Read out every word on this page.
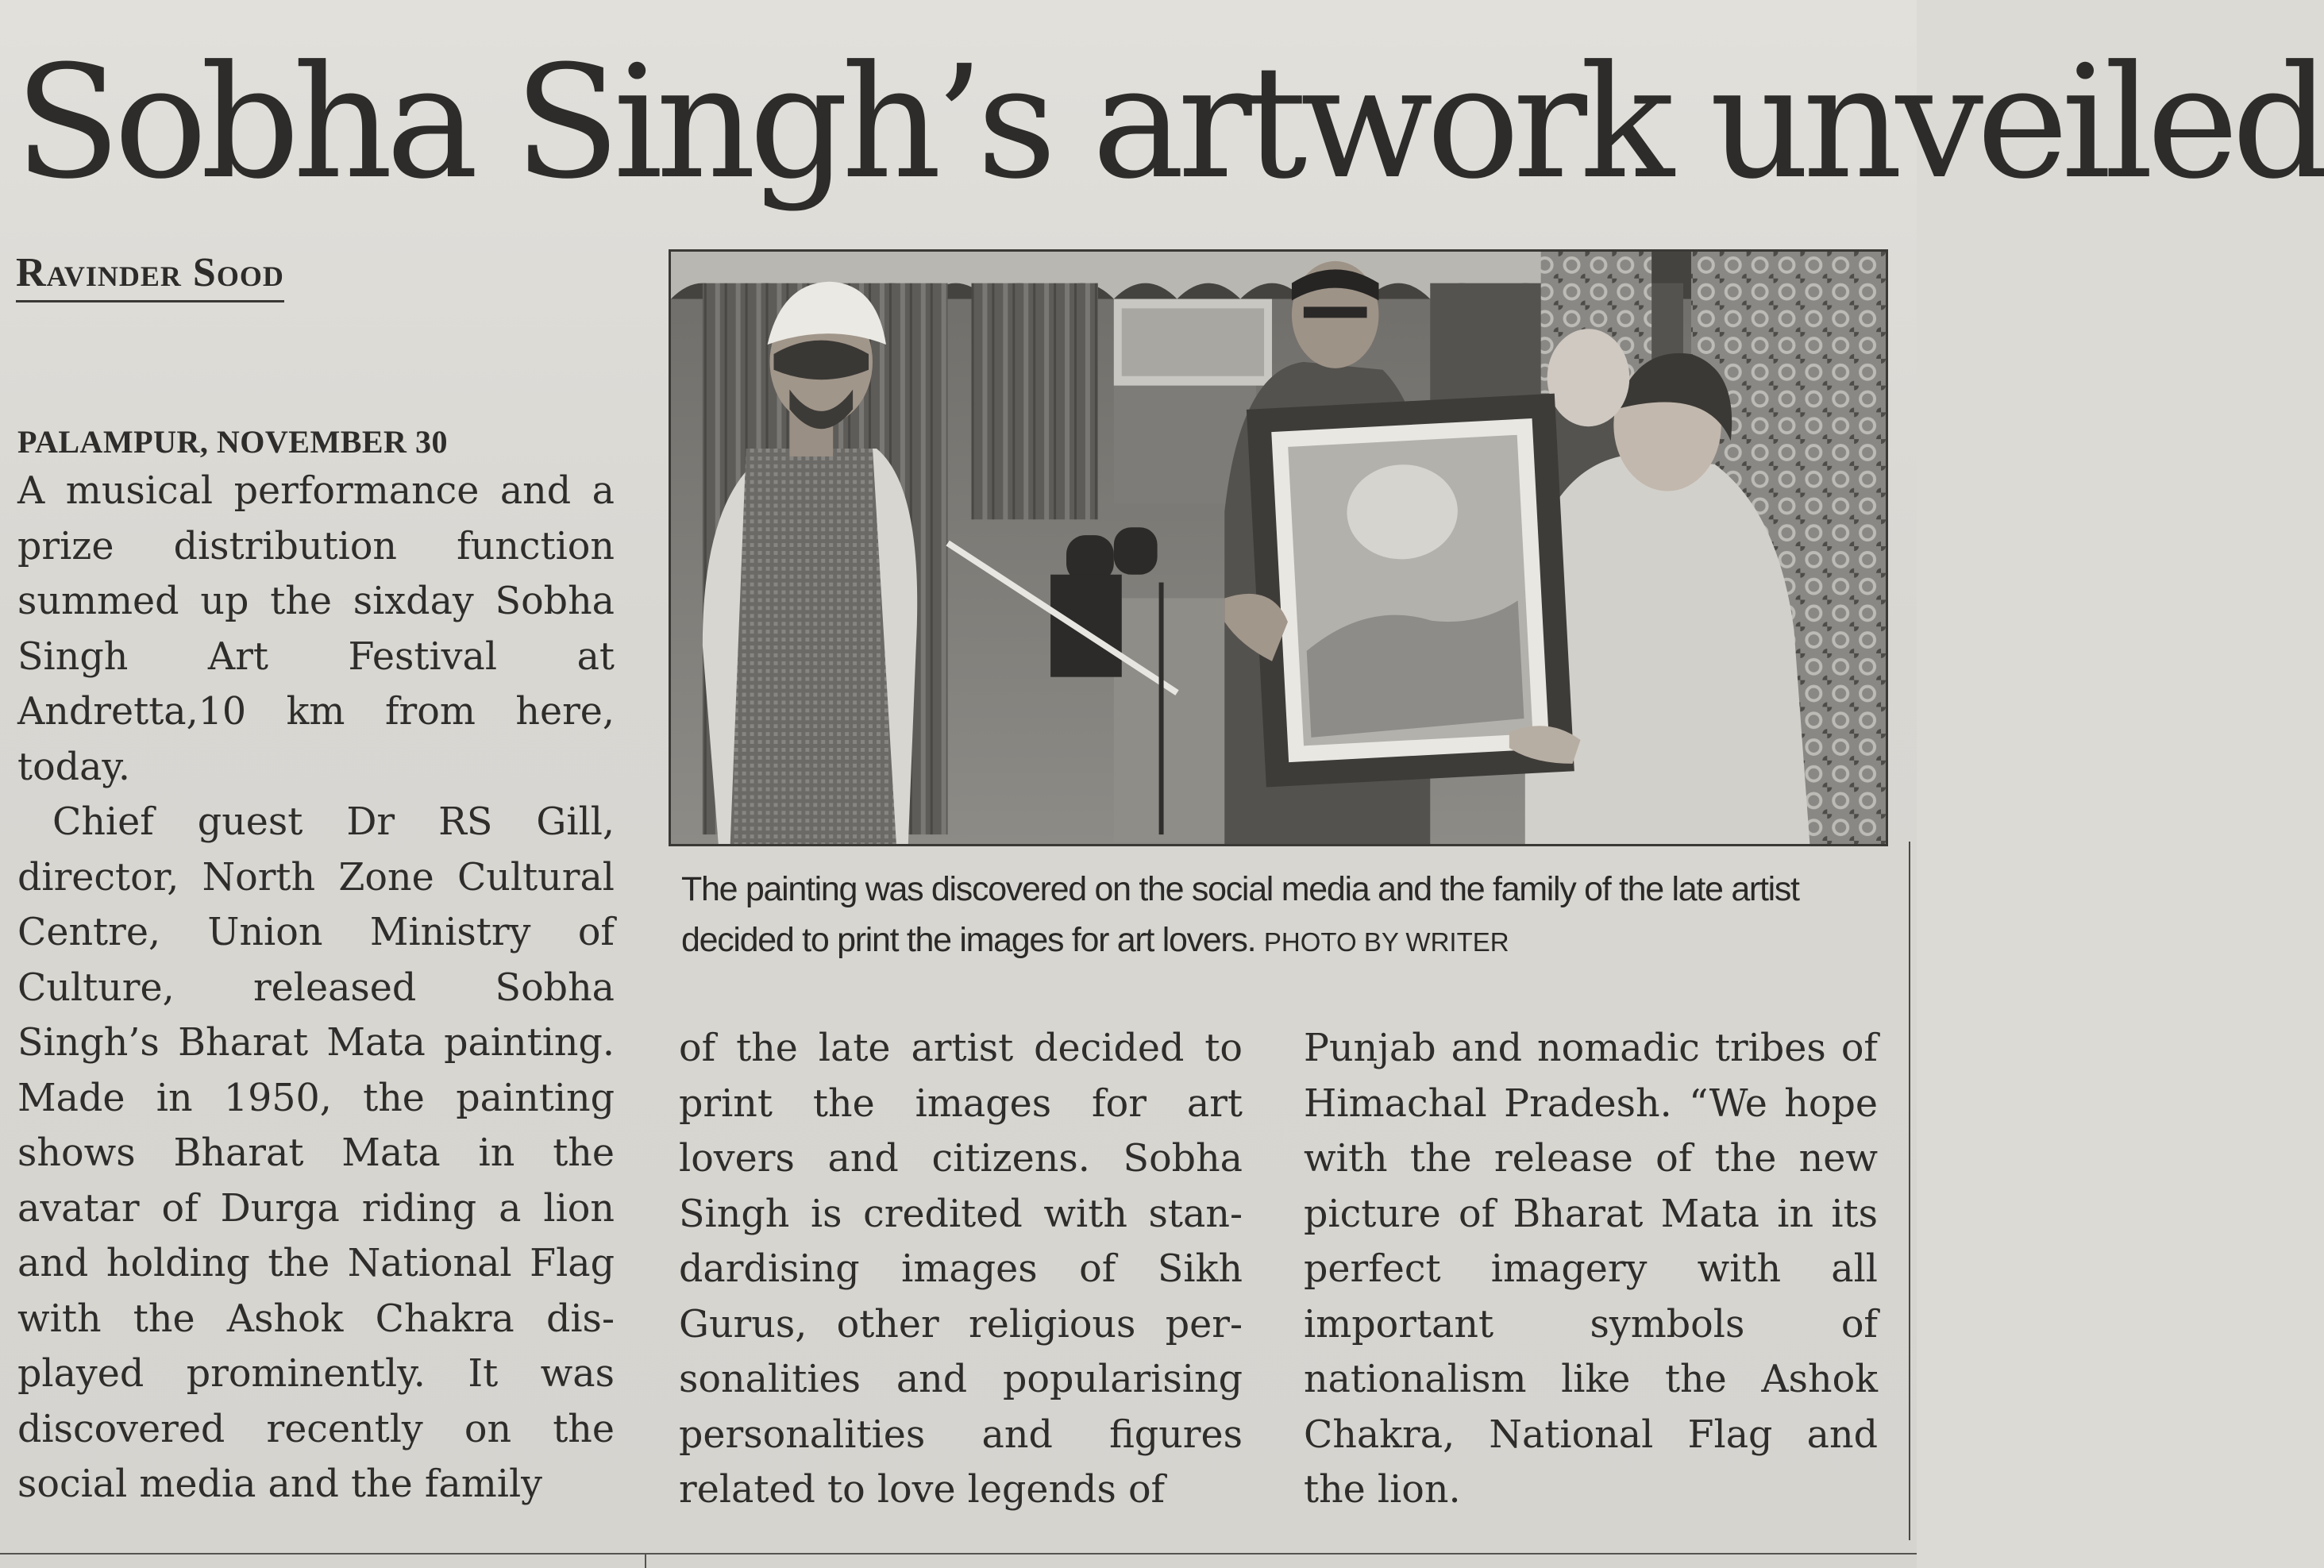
Sobha Singh’s artwork unveiled
Ravinder Sood
PALAMPUR, NOVEMBER 30
A musical performance and a prize distribution function summed up the sixday Sobha Singh Art Festival at Andretta,10 km from here, today.
Chief guest Dr RS Gill, director, North Zone Cultural Centre, Union Ministry of Culture, released Sobha Singh’s Bharat Mata painting. Made in 1950, the painting shows Bharat Mata in the avatar of Durga riding a lion and holding the National Flag with the Ashok Chakra displayed prominently. It was discovered recently on the social media and the family

The painting was discovered on the social media and the family of the late artist decided to print the images for art lovers. PHOTO BY WRITER

of the late artist decided to print the images for art lovers and citizens. Sobha Singh is credited with standardising images of Sikh Gurus, other religious personalities and popularising personalities and figures related to love legends of
Punjab and nomadic tribes of Himachal Pradesh. “We hope with the release of the new picture of Bharat Mata in its perfect imagery with all important symbols of nationalism like the Ashok Chakra, National Flag and the lion.
